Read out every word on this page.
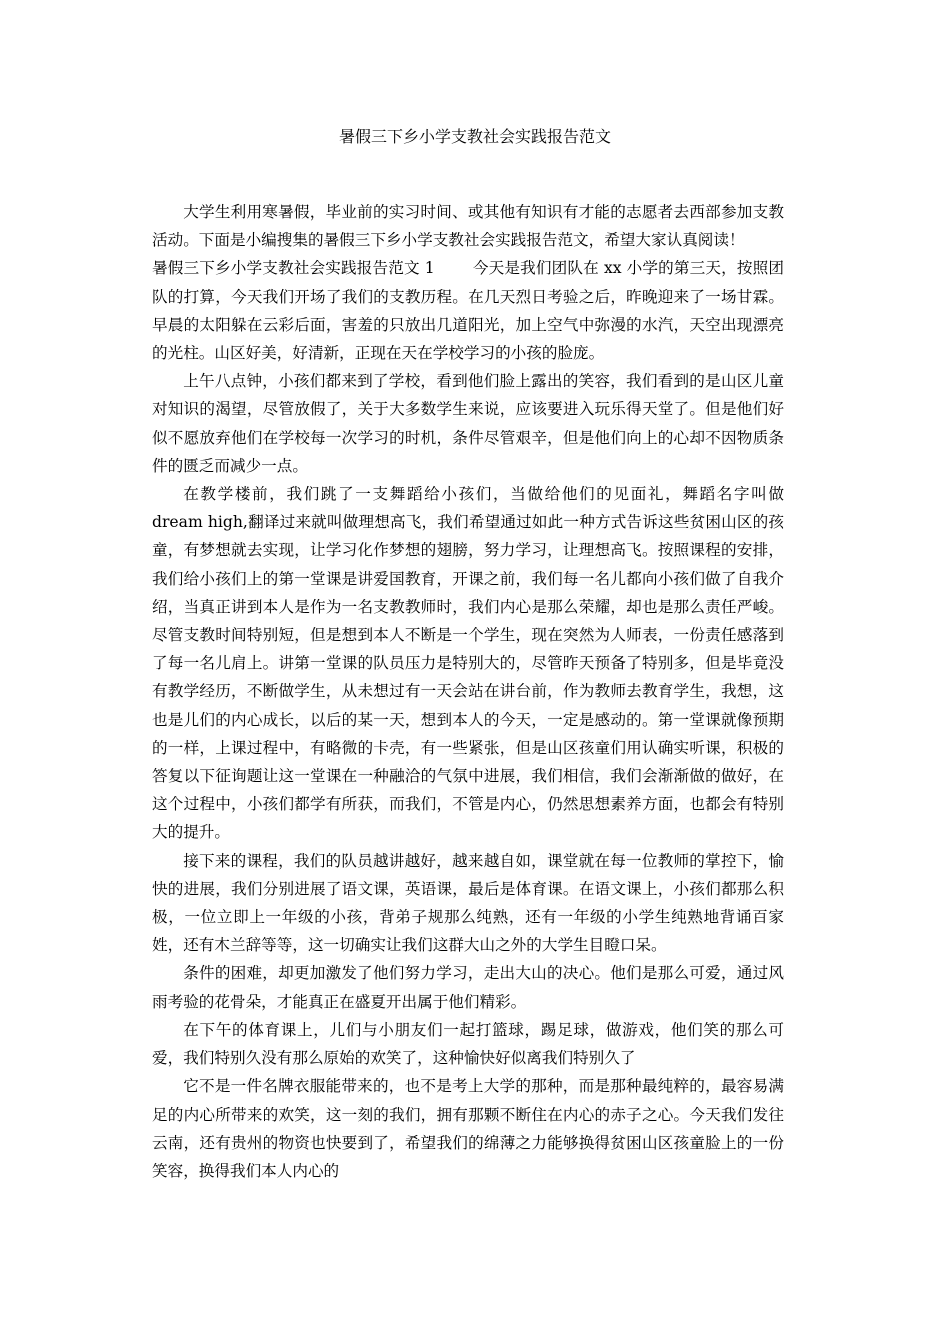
暑假三下乡小学支教社会实践报告范文

大学生利用寒暑假，毕业前的实习时间、或其他有知识有才能的志愿者去西部参加支教活动。下面是小编搜集的暑假三下乡小学支教社会实践报告范文，希望大家认真阅读！

暑假三下乡小学支教社会实践报告范文 1 今天是我们团队在 xx 小学的第三天，按照团队的打算，今天我们开场了我们的支教历程。在几天烈日考验之后，昨晚迎来了一场甘霖。早晨的太阳躲在云彩后面，害羞的只放出几道阳光，加上空气中弥漫的水汽，天空出现漂亮的光柱。山区好美，好清新，正现在天在学校学习的小孩的脸庞。

上午八点钟，小孩们都来到了学校，看到他们脸上露出的笑容，我们看到的是山区儿童对知识的渴望，尽管放假了，关于大多数学生来说，应该要进入玩乐得天堂了。但是他们好似不愿放弃他们在学校每一次学习的时机，条件尽管艰辛，但是他们向上的心却不因物质条件的匮乏而减少一点。

在教学楼前，我们跳了一支舞蹈给小孩们，当做给他们的见面礼，舞蹈名字叫做 dream high,翻译过来就叫做理想高飞，我们希望通过如此一种方式告诉这些贫困山区的孩童，有梦想就去实现，让学习化作梦想的翅膀，努力学习，让理想高飞。按照课程的安排，我们给小孩们上的第一堂课是讲爱国教育，开课之前，我们每一名儿都向小孩们做了自我介绍，当真正讲到本人是作为一名支教教师时，我们内心是那么荣耀，却也是那么责任严峻。尽管支教时间特别短，但是想到本人不断是一个学生，现在突然为人师表，一份责任感落到了每一名儿肩上。讲第一堂课的队员压力是特别大的，尽管昨天预备了特别多，但是毕竟没有教学经历，不断做学生，从未想过有一天会站在讲台前，作为教师去教育学生，我想，这也是儿们的内心成长，以后的某一天，想到本人的今天，一定是感动的。第一堂课就像预期的一样，上课过程中，有略微的卡壳，有一些紧张，但是山区孩童们用认确实听课，积极的答复以下征询题让这一堂课在一种融洽的气氛中进展，我们相信，我们会渐渐做的做好，在这个过程中，小孩们都学有所获，而我们，不管是内心，仍然思想素养方面，也都会有特别大的提升。

接下来的课程，我们的队员越讲越好，越来越自如，课堂就在每一位教师的掌控下，愉快的进展，我们分别进展了语文课，英语课，最后是体育课。在语文课上，小孩们都那么积极，一位立即上一年级的小孩，背弟子规那么纯熟，还有一年级的小学生纯熟地背诵百家姓，还有木兰辞等等，这一切确实让我们这群大山之外的大学生目瞪口呆。

条件的困难，却更加激发了他们努力学习，走出大山的决心。他们是那么可爱，通过风雨考验的花骨朵，才能真正在盛夏开出属于他们精彩。

在下午的体育课上，儿们与小朋友们一起打篮球，踢足球，做游戏，他们笑的那么可爱，我们特别久没有那么原始的欢笑了，这种愉快好似离我们特别久了

它不是一件名牌衣服能带来的，也不是考上大学的那种，而是那种最纯粹的，最容易满足的内心所带来的欢笑，这一刻的我们，拥有那颗不断住在内心的赤子之心。今天我们发往云南，还有贵州的物资也快要到了，希望我们的绵薄之力能够换得贫困山区孩童脸上的一份笑容，换得我们本人内心的
